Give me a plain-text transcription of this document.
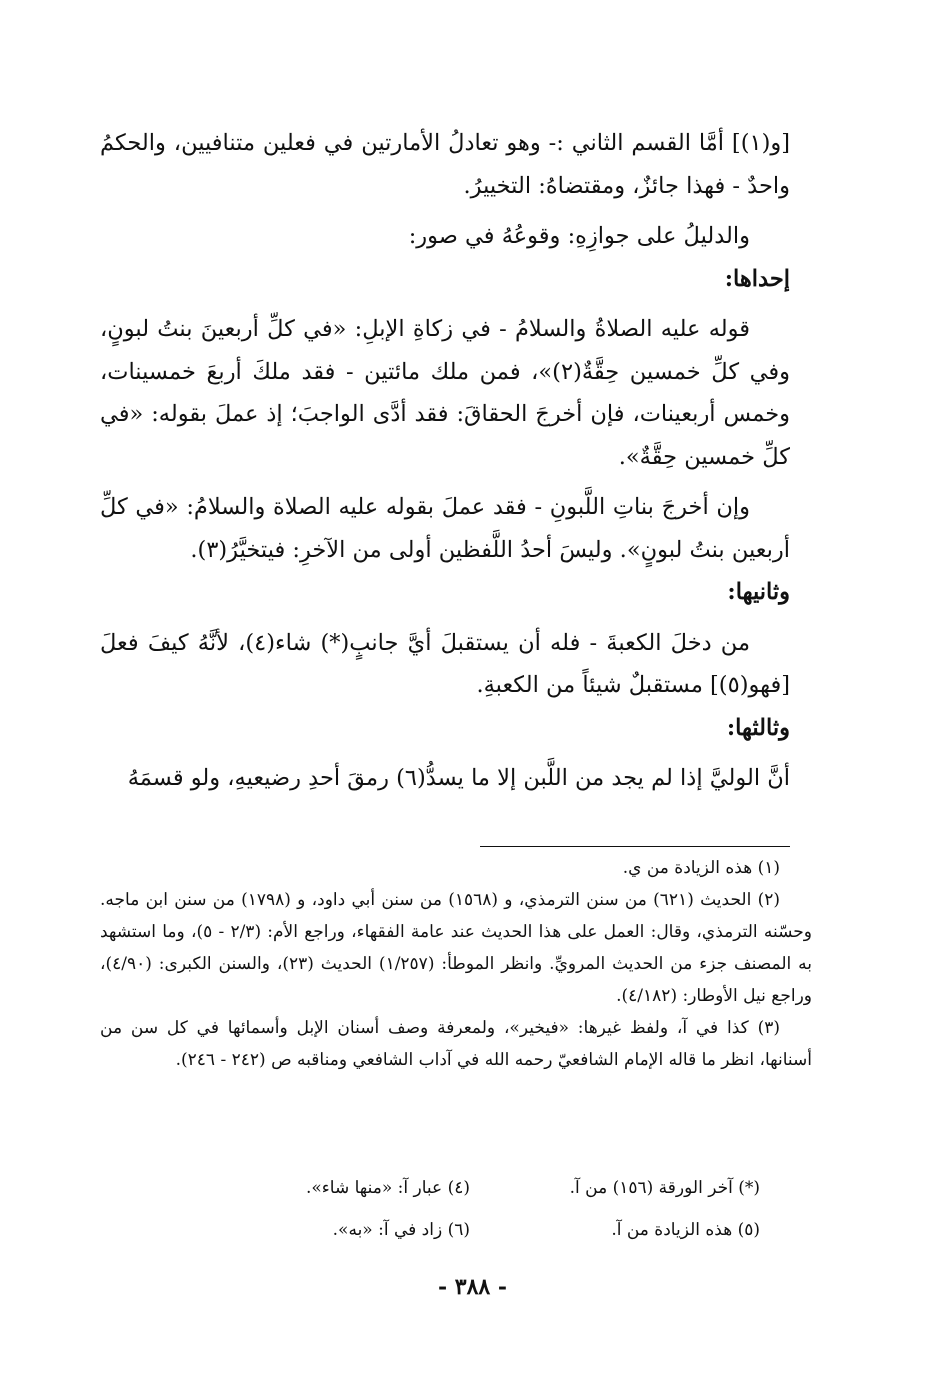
[و(١)] أمَّا القسم الثاني :- وهو تعادلُ الأمارتين في فعلين متنافيين، والحكمُ واحدٌ - فهذا جائزٌ، ومقتضاهُ: التخييرُ.

والدليلُ على جوازِهِ: وقوعُهُ في صور:

إحداها:

قوله عليه الصلاةُ والسلامُ - في زكاةِ الإبلِ: «في كلِّ أربعينَ بنتُ لبونٍ، وفي كلِّ خمسين حِقَّةٌ(٢)»، فمن ملك مائتين - فقد ملكَ أربعَ خمسينات، وخمس أربعينات، فإن أخرجَ الحقاقَ: فقد أدَّى الواجبَ؛ إذ عملَ بقوله: «في كلِّ خمسين حِقَّةٌ».

وإن أخرجَ بناتِ اللَّبونِ - فقد عملَ بقوله عليه الصلاة والسلامُ: «في كلِّ أربعين بنتُ لبونٍ». وليسَ أحدُ اللَّفظين أولى من الآخرِ: فيتخيَّرُ(٣).

وثانيها:

من دخلَ الكعبةَ - فله أن يستقبلَ أيَّ جانبٍ(*) شاء(٤)، لأنَّهُ كيفَ فعلَ [فهو(٥)] مستقبلٌ شيئاً من الكعبةِ.

وثالثها:

أنَّ الوليَّ إذا لم يجد من اللَّبن إلا ما يسدُّ(٦) رمقَ أحدِ رضيعيهِ، ولو قسمَهُ

(١) هذه الزيادة من ي.

(٢) الحديث (٦٢١) من سنن الترمذي، و (١٥٦٨) من سنن أبي داود، و (١٧٩٨) من سنن ابن ماجه. وحسّنه الترمذي، وقال: العمل على هذا الحديث عند عامة الفقهاء، وراجع الأم: (٢/٣ - ٥)، وما استشهد به المصنف جزء من الحديث المرويِّ. وانظر الموطأ: (١/٢٥٧) الحديث (٢٣)، والسنن الكبرى: (٤/٩٠)، وراجع نيل الأوطار: (٤/١٨٢).

(٣) كذا في آ، ولفظ غيرها: «فيخير»، ولمعرفة وصف أسنان الإبل وأسمائها في كل سن من أسنانها، انظر ما قاله الإمام الشافعيّ رحمه الله في آداب الشافعي ومناقبه ص (٢٤٢ - ٢٤٦).

(*) آخر الورقة (١٥٦) من آ.
(٤) عبار آ: «منها شاء».
(٥) هذه الزيادة من آ.
(٦) زاد في آ: «به».
- ٣٨٨ -
